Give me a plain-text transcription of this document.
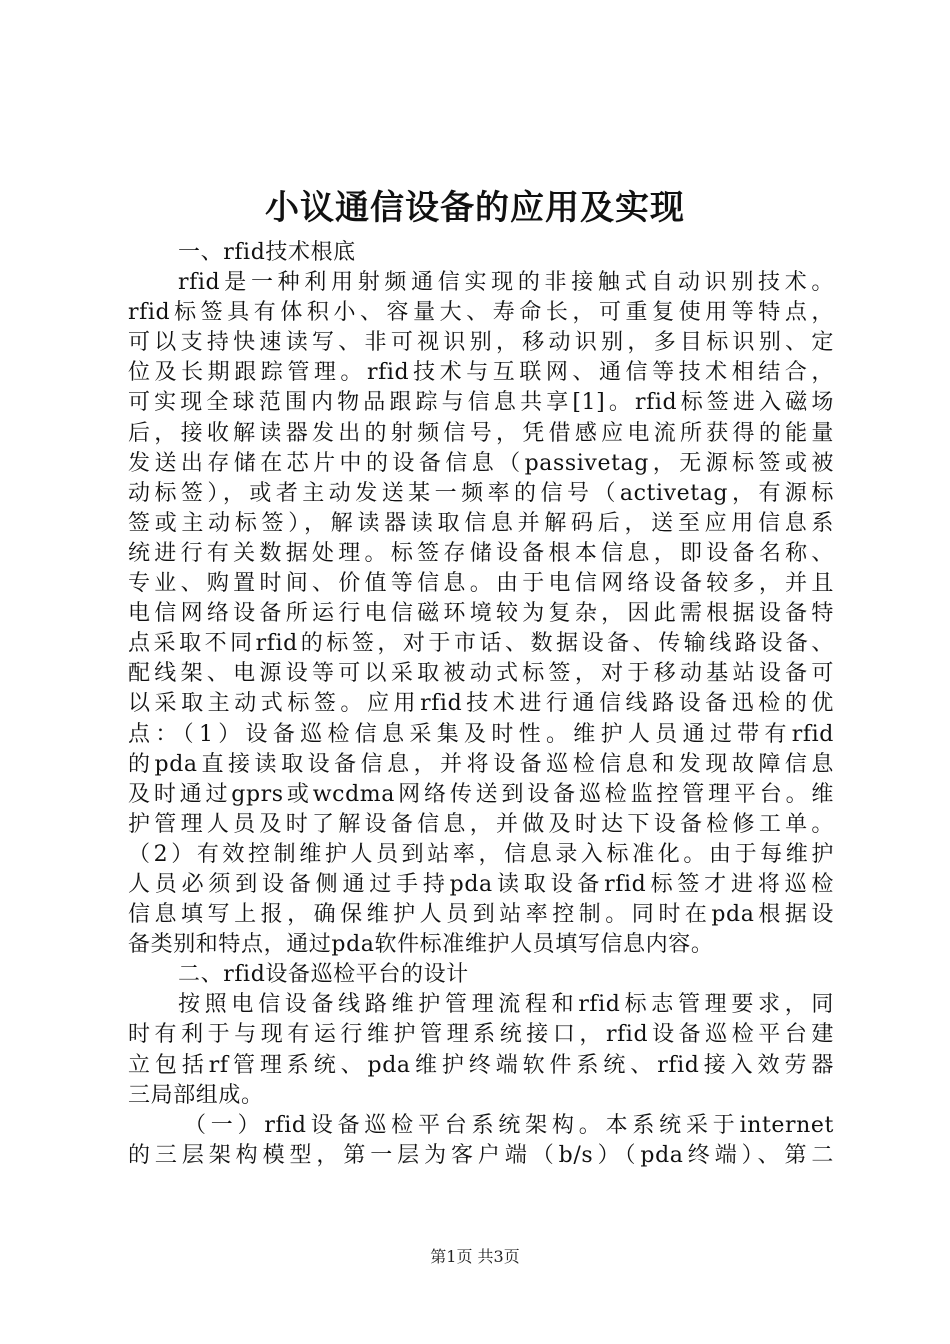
小议通信设备的应用及实现
一、rfid技术根底
rfid是一种利用射频通信实现的非接触式自动识别技术。
rfid标签具有体积小、容量大、寿命长，可重复使用等特点，
可以支持快速读写、非可视识别，移动识别，多目标识别、定
位及长期跟踪管理。rfid技术与互联网、通信等技术相结合，
可实现全球范围内物品跟踪与信息共享[1]。rfid标签进入磁场
后，接收解读器发出的射频信号，凭借感应电流所获得的能量
发送出存储在芯片中的设备信息（passivetag，无源标签或被
动标签），或者主动发送某一频率的信号（activetag，有源标
签或主动标签），解读器读取信息并解码后，送至应用信息系
统进行有关数据处理。标签存储设备根本信息，即设备名称、
专业、购置时间、价值等信息。由于电信网络设备较多，并且
电信网络设备所运行电信磁环境较为复杂，因此需根据设备特
点采取不同rfid的标签，对于市话、数据设备、传输线路设备、
配线架、电源设等可以采取被动式标签，对于移动基站设备可
以采取主动式标签。应用rfid技术进行通信线路设备迅检的优
点：（1）设备巡检信息采集及时性。维护人员通过带有rfid
的pda直接读取设备信息，并将设备巡检信息和发现故障信息
及时通过gprs或wcdma网络传送到设备巡检监控管理平台。维
护管理人员及时了解设备信息，并做及时达下设备检修工单。
（2）有效控制维护人员到站率，信息录入标准化。由于每维护
人员必须到设备侧通过手持pda读取设备rfid标签才进将巡检
信息填写上报，确保维护人员到站率控制。同时在pda根据设
备类别和特点，通过pda软件标准维护人员填写信息内容。
二、rfid设备巡检平台的设计
按照电信设备线路维护管理流程和rfid标志管理要求，同
时有利于与现有运行维护管理系统接口，rfid设备巡检平台建
立包括rf管理系统、pda维护终端软件系统、rfid接入效劳器
三局部组成。
（一）rfid设备巡检平台系统架构。本系统采于internet
的三层架构模型，第一层为客户端（b/s）（pda终端）、第二
第1页 共3页
